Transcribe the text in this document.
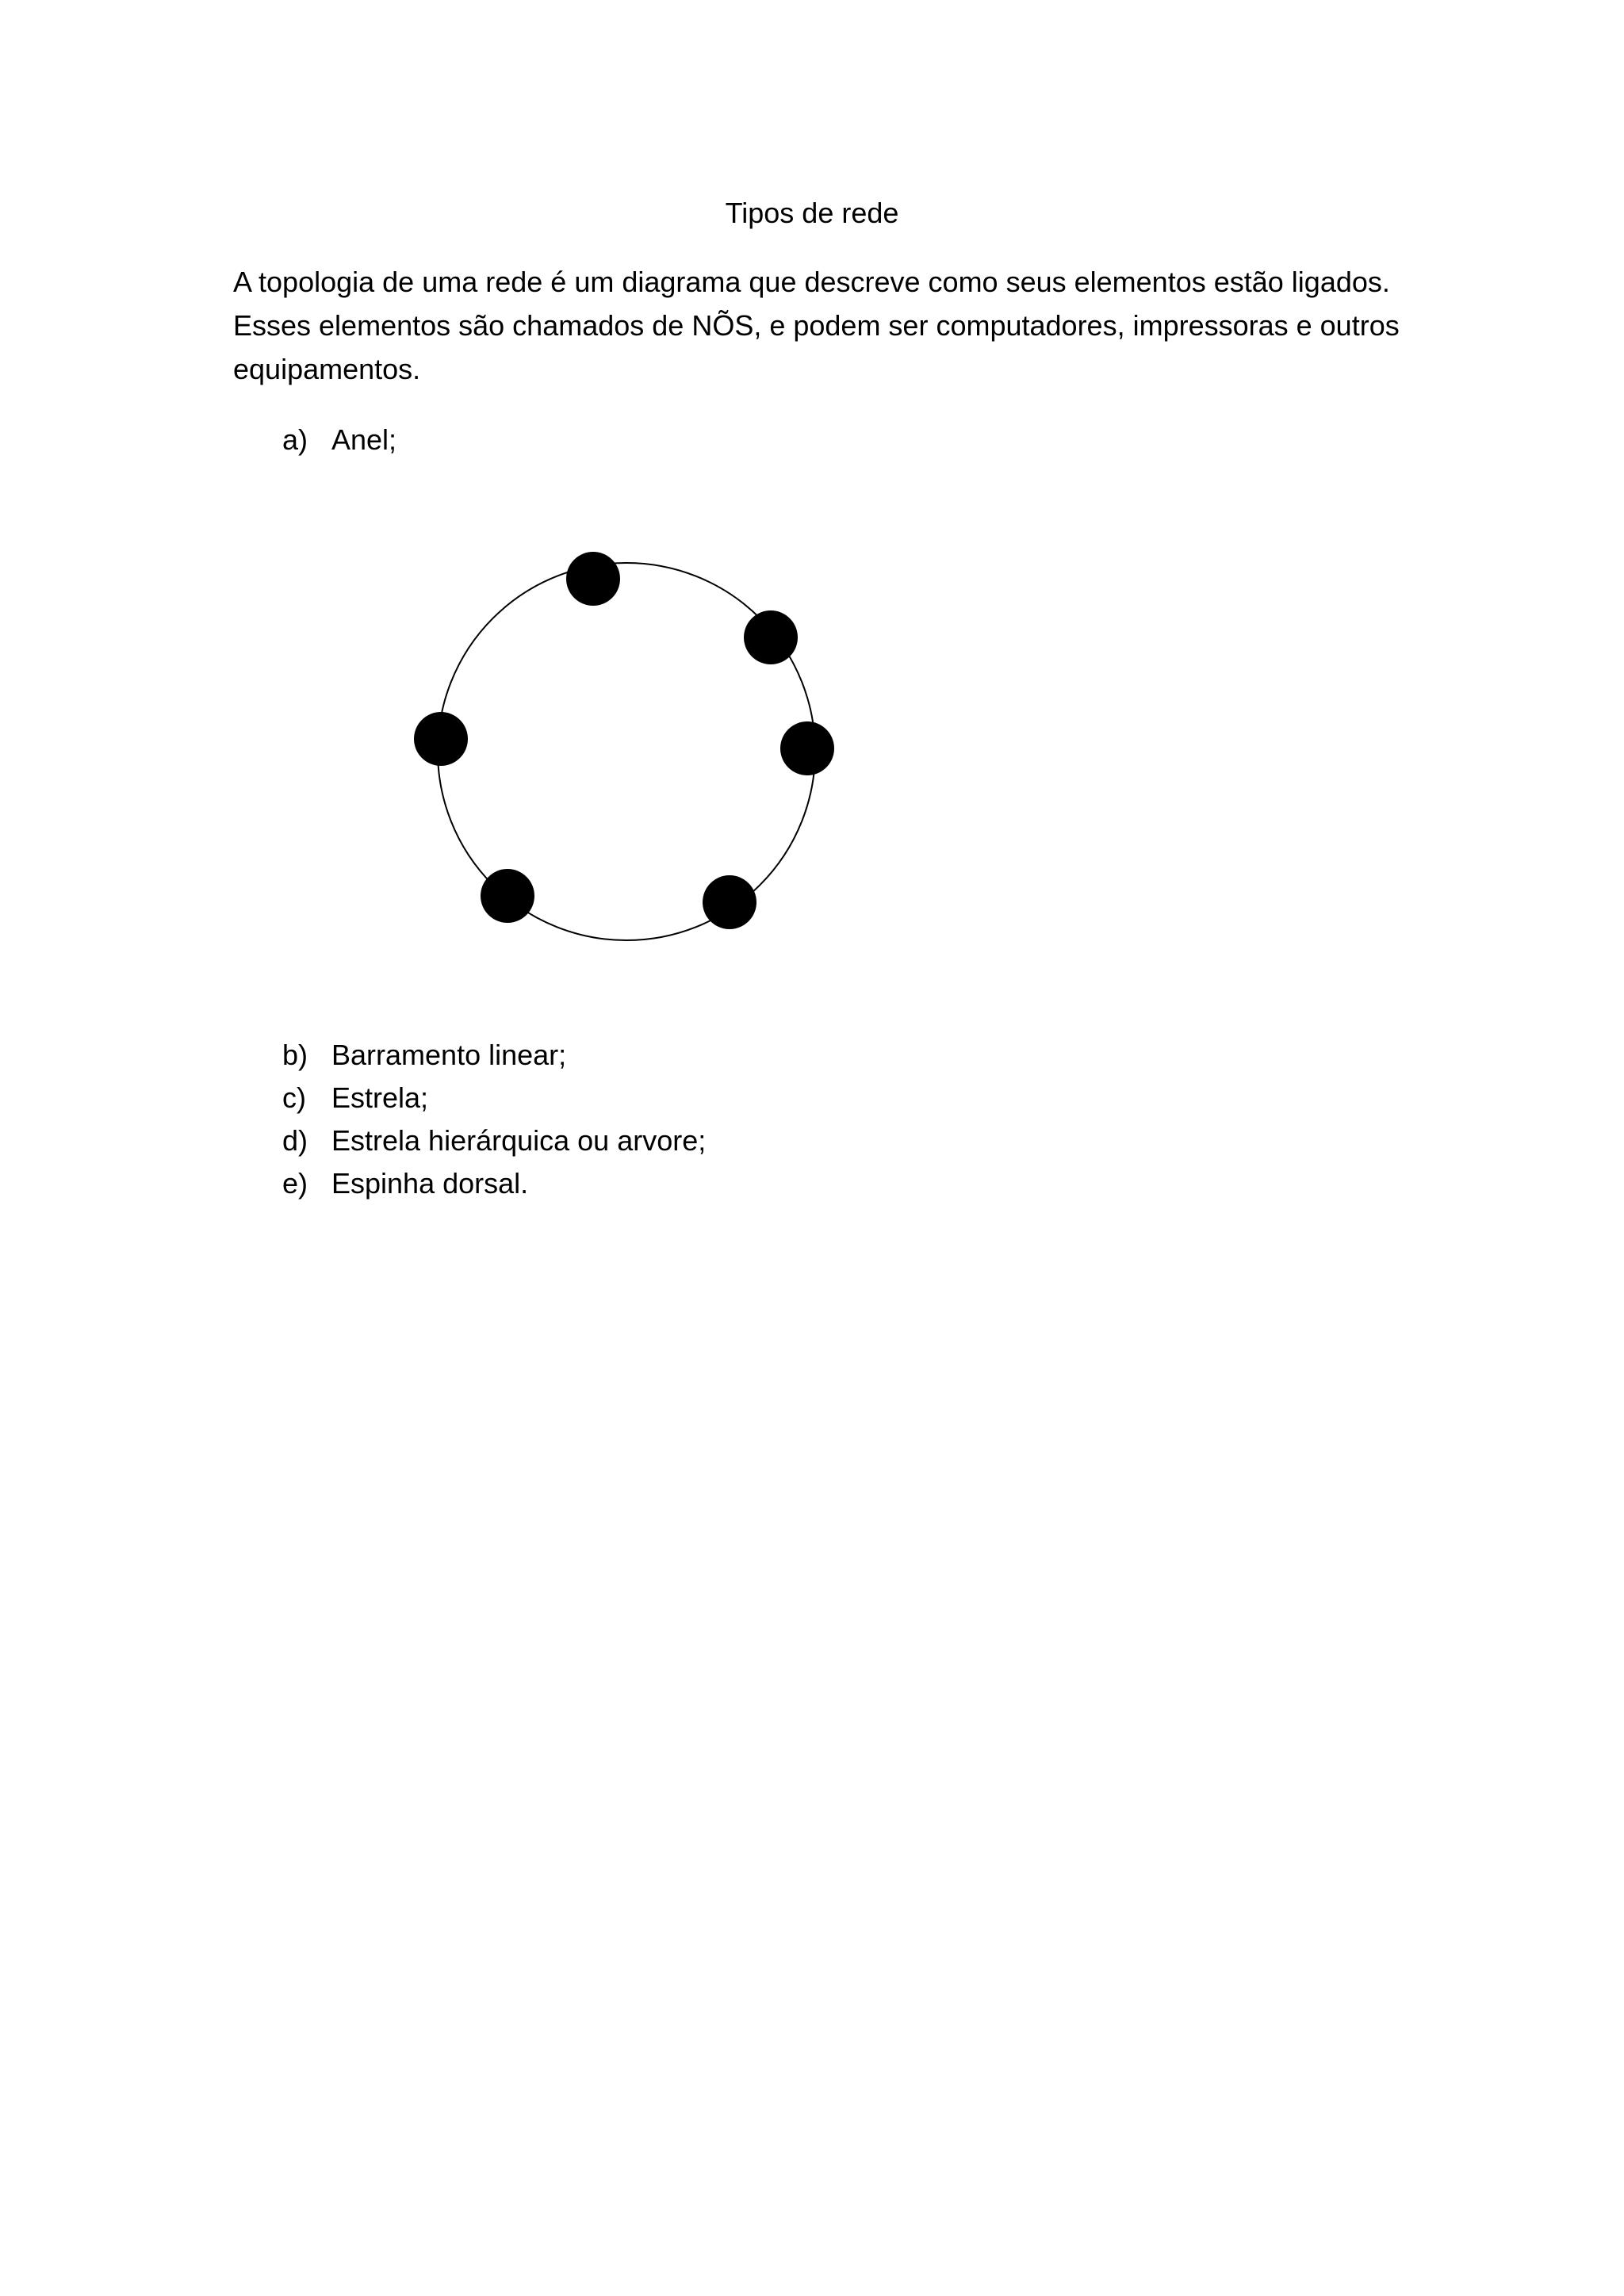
Tipos de rede

A topologia de uma rede é um diagrama que descreve como seus elementos estão ligados.
Esses elementos são chamados de NÕS, e podem ser computadores, impressoras e outros
equipamentos.

a) Anel;
b) Barramento linear;
c) Estrela;
d) Estrela hierárquica ou arvore;
e) Espinha dorsal.
